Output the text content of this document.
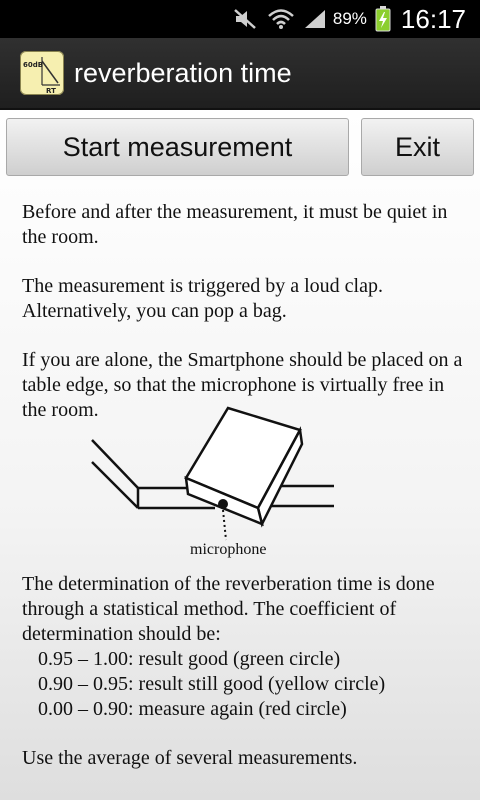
89% 16:17
60dB
RT
reverberation time
Start measurement	Exit

Before and after the measurement, it must be quiet in the room.

The measurement is triggered by a loud clap. Alternatively, you can pop a bag.

If you are alone, the Smartphone should be placed on a table edge, so that the microphone is virtually free in the room.

microphone

The determination of the reverberation time is done through a statistical method. The coefficient of determination should be:

0.95 – 1.00: result good (green circle)
0.90 – 0.95: result still good (yellow circle)
0.00 – 0.90: measure again (red circle)

Use the average of several measurements.
